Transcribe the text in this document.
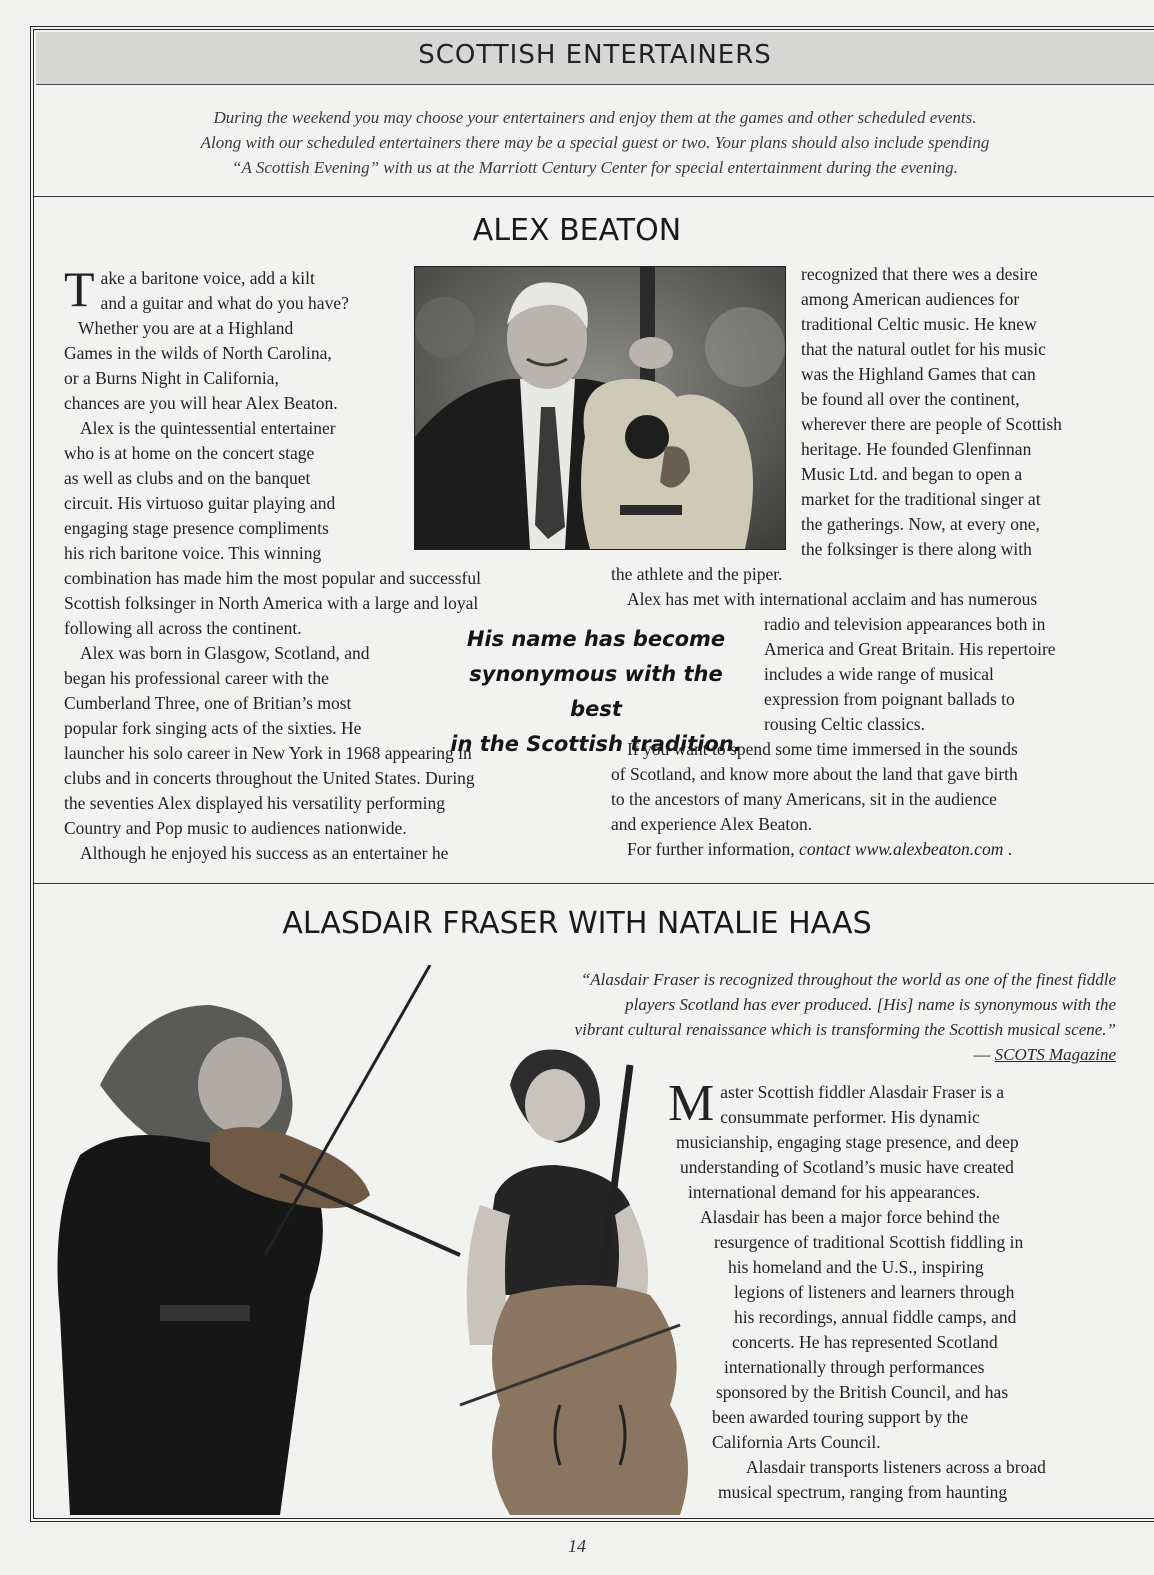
SCOTTISH ENTERTAINERS

During the weekend you may choose your entertainers and enjoy them at the games and other scheduled events.

Along with our scheduled entertainers there may be a special guest or two. Your plans should also include spending

“A Scottish Evening” with us at the Marriott Century Center for special entertainment during the evening.

ALEX BEATON
T ake a baritone voice, add a kilt

and a guitar and what do you have?

Whether you are at a Highland

Games in the wilds of North Carolina,

or a Burns Night in California,

chances are you will hear Alex Beaton.

Alex is the quintessential entertainer

who is at home on the concert stage

as well as clubs and on the banquet

circuit. His virtuoso guitar playing and

engaging stage presence compliments

his rich baritone voice. This winning

combination has made him the most popular and successful

Scottish folksinger in North America with a large and loyal

following all across the continent.

Alex was born in Glasgow, Scotland, and

began his professional career with the

Cumberland Three, one of Britian’s most

popular fork singing acts of the sixties. He

launcher his solo career in New York in 1968 appearing in

clubs and in concerts throughout the United States. During

the seventies Alex displayed his versatility performing

Country and Pop music to audiences nationwide.

Although he enjoyed his success as an entertainer he

recognized that there wes a desire

among American audiences for

traditional Celtic music. He knew

that the natural outlet for his music

was the Highland Games that can

be found all over the continent,

wherever there are people of Scottish

heritage. He founded Glenfinnan

Music Ltd. and began to open a

market for the traditional singer at

the gatherings. Now, at every one,

the folksinger is there along with

the athlete and the piper.

Alex has met with international acclaim and has numerous

His name has become
synonymous with the best
in the Scottish tradition.

radio and television appearances both in

America and Great Britain. His repertoire

includes a wide range of musical

expression from poignant ballads to

rousing Celtic classics.

If you want to spend some time immersed in the sounds

of Scotland, and know more about the land that gave birth

to the ancestors of many Americans, sit in the audience

and experience Alex Beaton.

For further information, contact www.alexbeaton.com .

ALASDAIR FRASER WITH NATALIE HAAS

“Alasdair Fraser is recognized throughout the world as one of the finest fiddle

players Scotland has ever produced. [His] name is synonymous with the

vibrant cultural renaissance which is transforming the Scottish musical scene.”

— SCOTS Magazine

M aster Scottish fiddler Alasdair Fraser is a

consummate performer. His dynamic

musicianship, engaging stage presence, and deep

understanding of Scotland’s music have created

international demand for his appearances.

Alasdair has been a major force behind the

resurgence of traditional Scottish fiddling in

his homeland and the U.S., inspiring

legions of listeners and learners through

his recordings, annual fiddle camps, and

concerts. He has represented Scotland

internationally through performances

sponsored by the British Council, and has

been awarded touring support by the

California Arts Council.

Alasdair transports listeners across a broad

musical spectrum, ranging from haunting

14
